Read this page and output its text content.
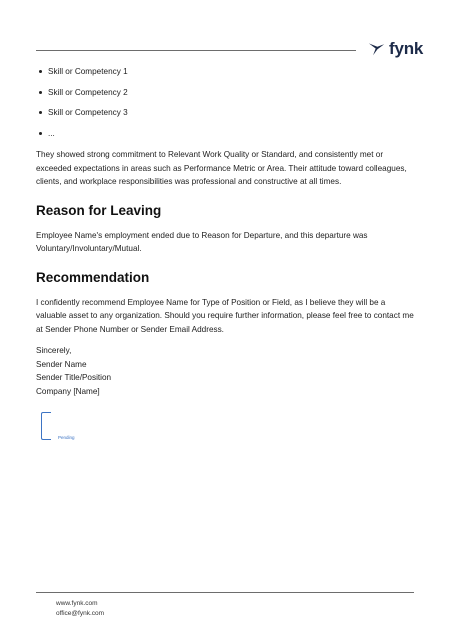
fynk
Skill or Competency 1
Skill or Competency 2
Skill or Competency 3
...

They showed strong commitment to Relevant Work Quality or Standard, and consistently met or exceeded expectations in areas such as Performance Metric or Area. Their attitude toward colleagues, clients, and workplace responsibilities was professional and constructive at all times.

Reason for Leaving

Employee Name's employment ended due to Reason for Departure, and this departure was Voluntary/Involuntary/Mutual.

Recommendation

I confidently recommend Employee Name for Type of Position or Field, as I believe they will be a valuable asset to any organization. Should you require further information, please feel free to contact me at Sender Phone Number or Sender Email Address.

Sincerely,
Sender Name
Sender Title/Position
Company [Name]
Pending
www.fynk.com
office@fynk.com
